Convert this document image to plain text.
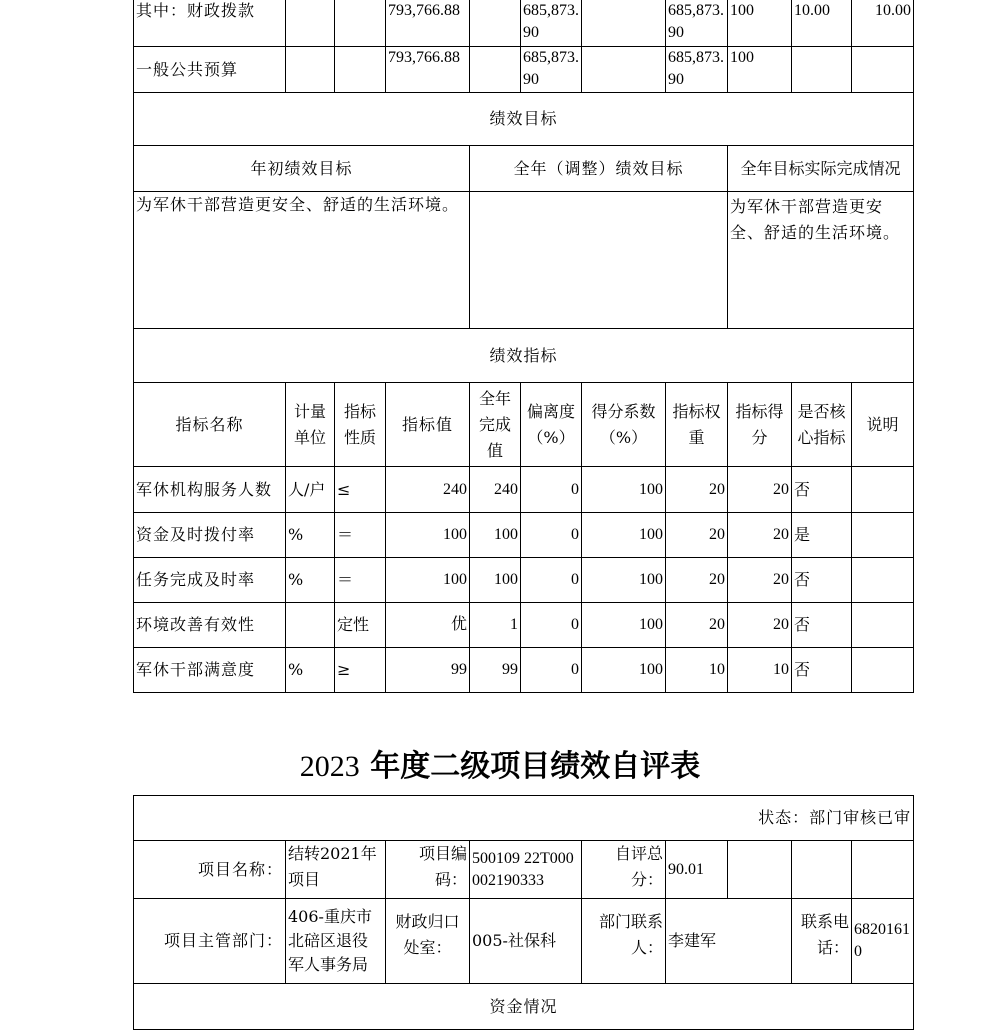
其中：财政拨款			793,766.88		685,873.90		685,873.90	100	10.00	10.00
一般公共预算			793,766.88		685,873.90		685,873.90	100		
绩效目标										
年初绩效目标				全年（调整）绩效目标				全年目标实际完成情况		
为军休干部营造更安全、舒适的生活环境。								为军休干部营造更安全、舒适的生活环境。		
绩效指标										
指标名称	计量单位	指标性质	指标值	全年完成值	偏离度（%）	得分系数（%）	指标权重	指标得分	是否核心指标	说明
军休机构服务人数	人/户	≤	240	240	0	100	20	20	否	
资金及时拨付率	%	＝	100	100	0	100	20	20	是	
任务完成及时率	%	＝	100	100	0	100	20	20	否	
环境改善有效性		定性	优	1	0	100	20	20	否	
军休干部满意度	%	≥	99	99	0	100	10	10	否	
2023 年度二级项目绩效自评表
状态：部门审核已审								
项目名称：	结转2021年项目	项目编码：	500109 22T000002190333	自评总分：	90.01			
项目主管部门：	406-重庆市北碚区退役军人事务局	财政归口处室：	005-社保科	部门联系人：	李建军		联系电话：	68201610
资金情况								
